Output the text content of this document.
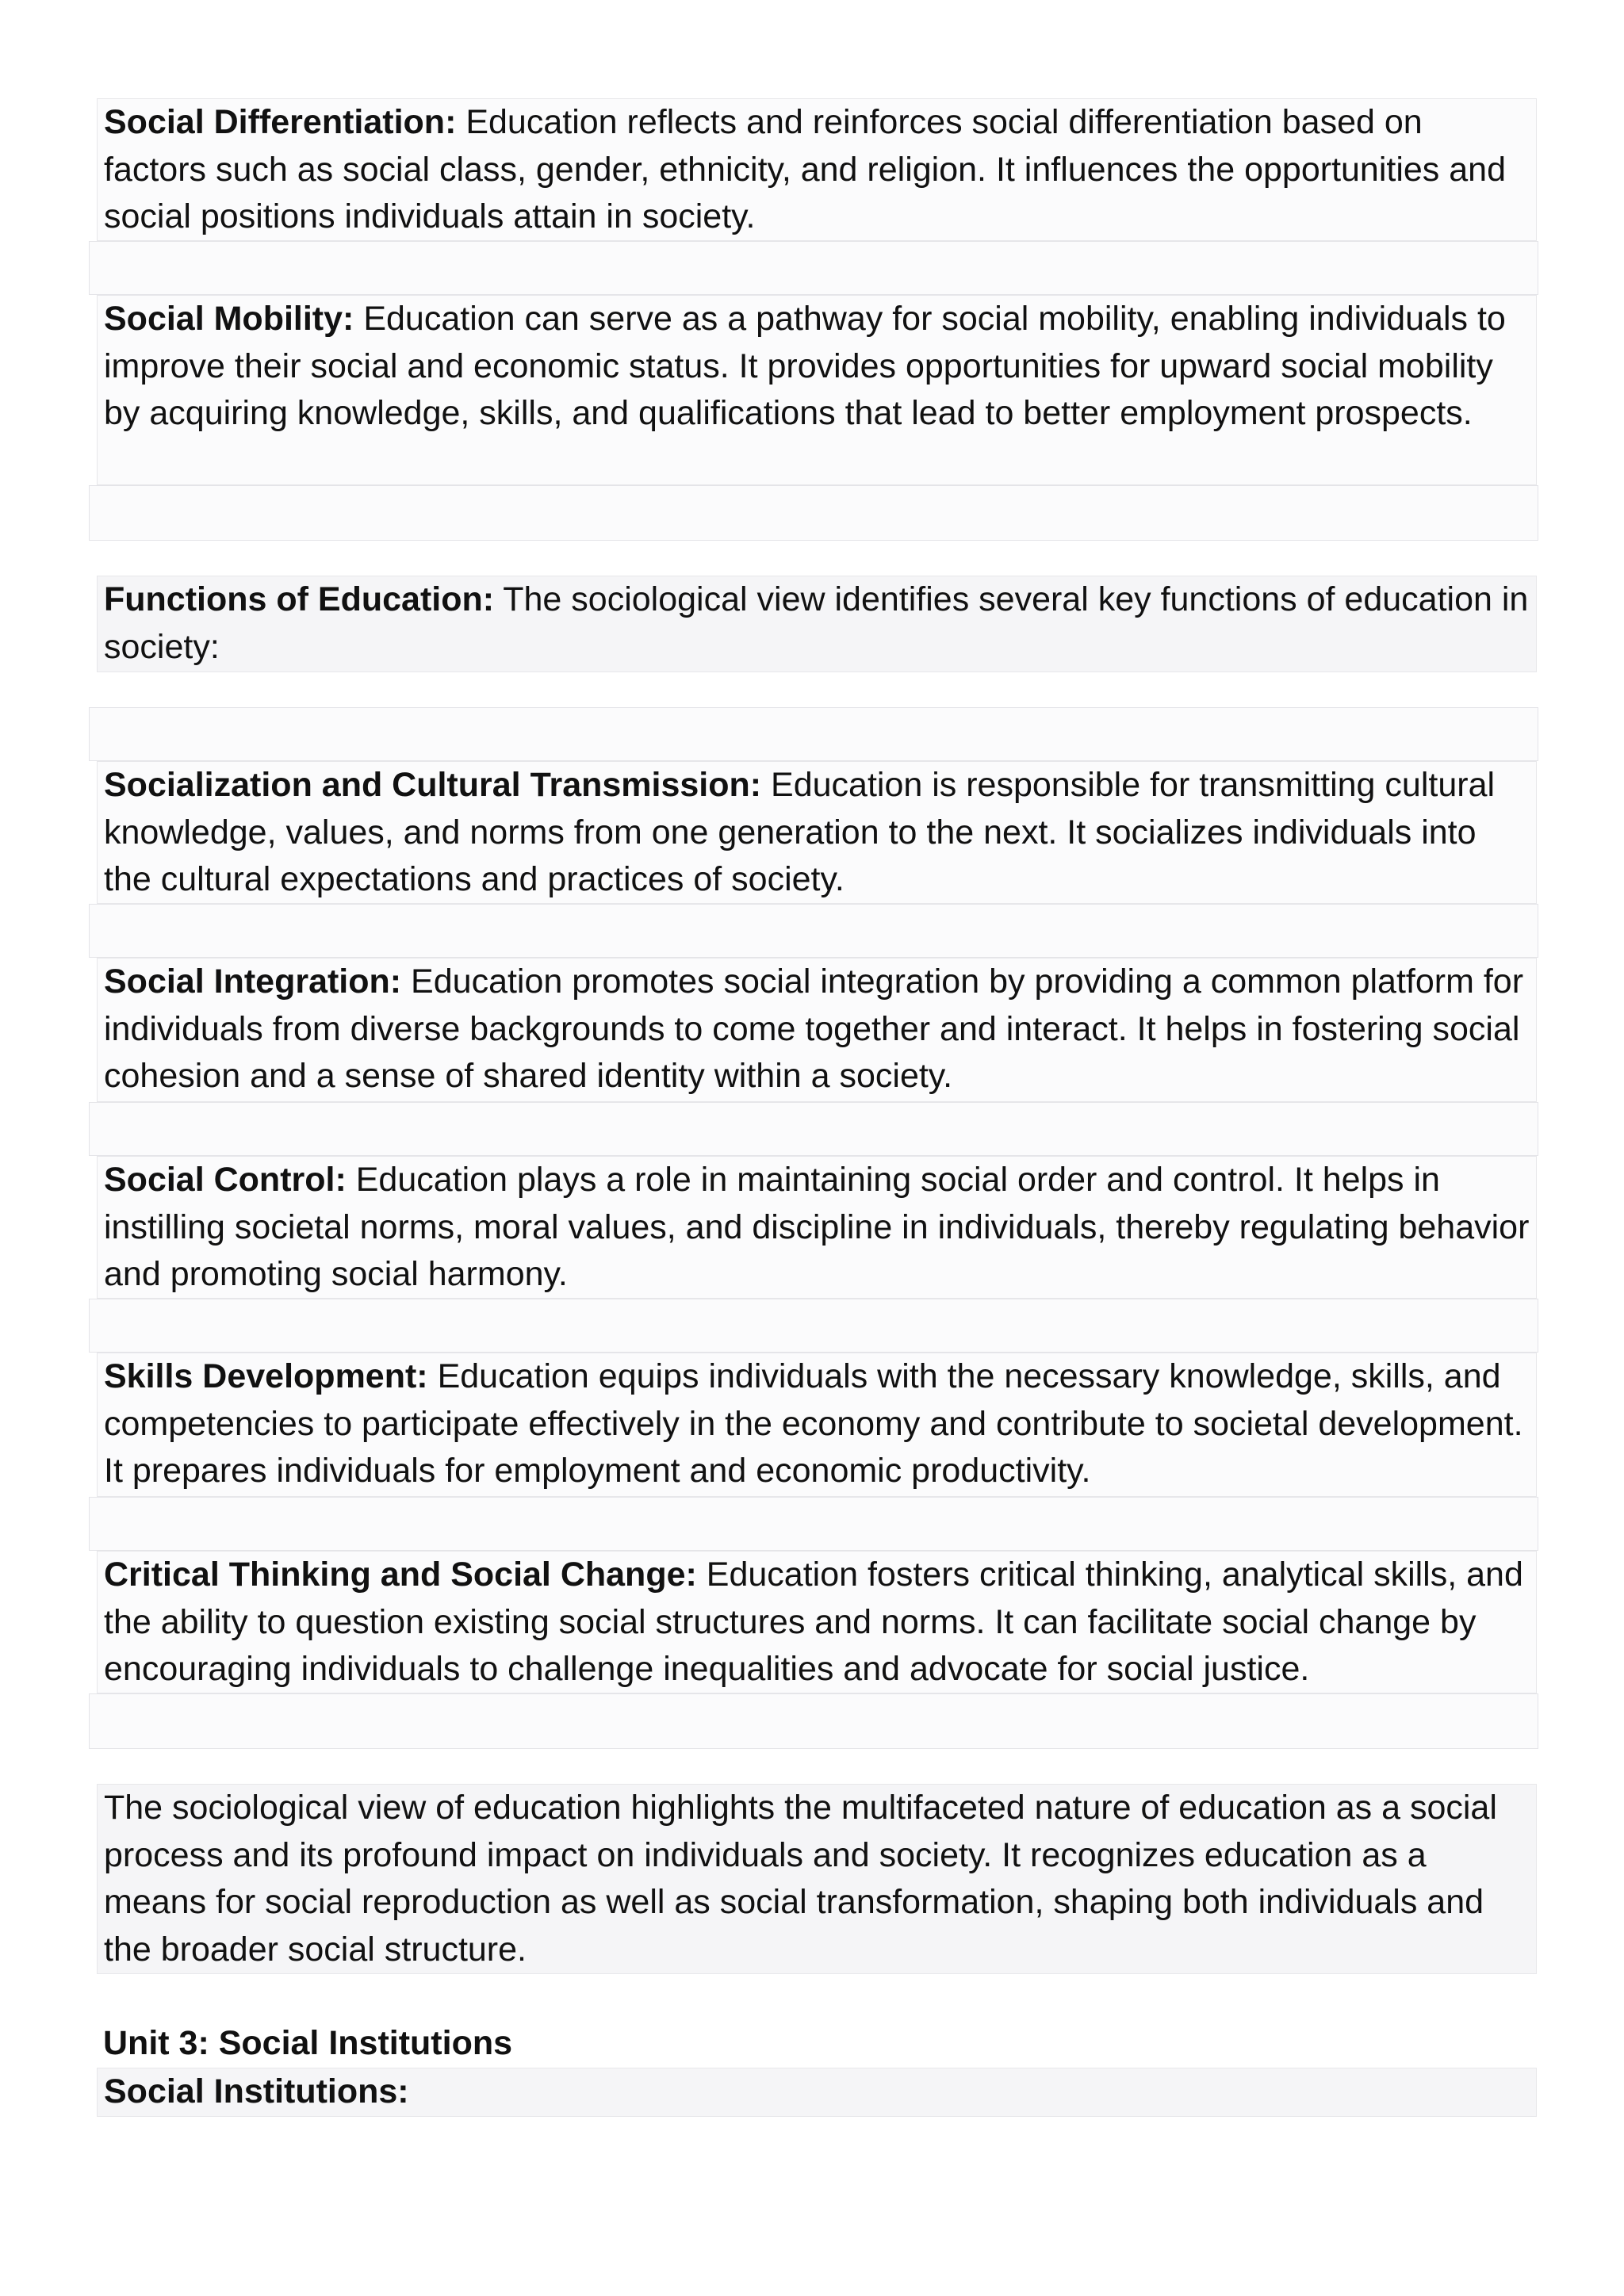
Social Differentiation: Education reflects and reinforces social differentiation based on factors such as social class, gender, ethnicity, and religion. It influences the opportunities and social positions individuals attain in society.
Social Mobility: Education can serve as a pathway for social mobility, enabling individuals to improve their social and economic status. It provides opportunities for upward social mobility by acquiring knowledge, skills, and qualifications that lead to better employment prospects.
Functions of Education: The sociological view identifies several key functions of education in society:
Socialization and Cultural Transmission: Education is responsible for transmitting cultural knowledge, values, and norms from one generation to the next. It socializes individuals into the cultural expectations and practices of society.
Social Integration: Education promotes social integration by providing a common platform for individuals from diverse backgrounds to come together and interact. It helps in fostering social cohesion and a sense of shared identity within a society.
Social Control: Education plays a role in maintaining social order and control. It helps in instilling societal norms, moral values, and discipline in individuals, thereby regulating behavior and promoting social harmony.
Skills Development: Education equips individuals with the necessary knowledge, skills, and competencies to participate effectively in the economy and contribute to societal development. It prepares individuals for employment and economic productivity.
Critical Thinking and Social Change: Education fosters critical thinking, analytical skills, and the ability to question existing social structures and norms. It can facilitate social change by encouraging individuals to challenge inequalities and advocate for social justice.
The sociological view of education highlights the multifaceted nature of education as a social process and its profound impact on individuals and society. It recognizes education as a means for social reproduction as well as social transformation, shaping both individuals and the broader social structure.
Unit 3: Social Institutions
Social Institutions:
